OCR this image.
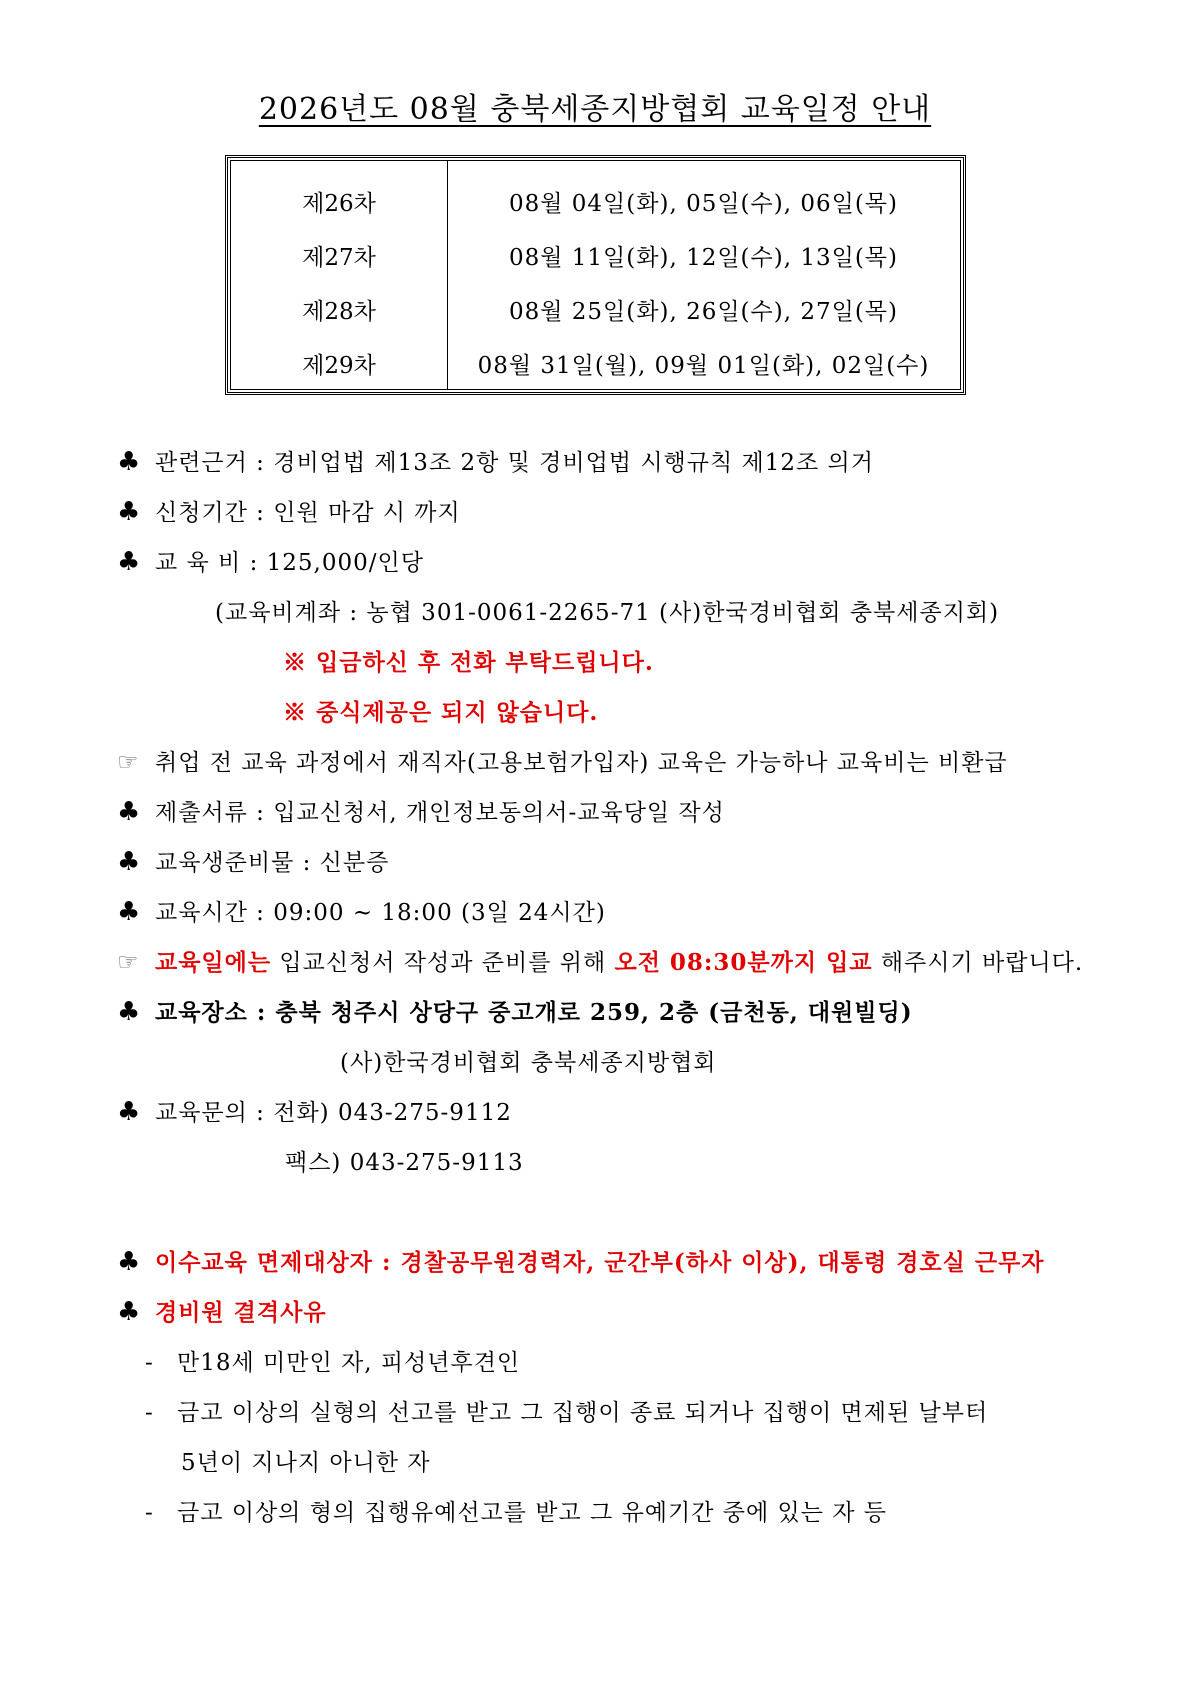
2026년도 08월 충북세종지방협회 교육일정 안내
제26차	08월 04일(화), 05일(수), 06일(목)
제27차	08월 11일(화), 12일(수), 13일(목)
제28차	08월 25일(화), 26일(수), 27일(목)
제29차	08월 31일(월), 09월 01일(화), 02일(수)
♣ 관련근거 : 경비업법 제13조 2항 및 경비업법 시행규칙 제12조 의거
♣ 신청기간 : 인원 마감 시 까지
♣ 교 육 비 : 125,000/인당
(교육비계좌 : 농협 301-0061-2265-71 (사)한국경비협회 충북세종지회)
※ 입금하신 후 전화 부탁드립니다.
※ 중식제공은 되지 않습니다.
☞ 취업 전 교육 과정에서 재직자(고용보험가입자) 교육은 가능하나 교육비는 비환급
♣ 제출서류 : 입교신청서, 개인정보동의서-교육당일 작성
♣ 교육생준비물 : 신분증
♣ 교육시간 : 09:00 ~ 18:00 (3일 24시간)
☞ 교육일에는 입교신청서 작성과 준비를 위해 오전 08:30분까지 입교 해주시기 바랍니다.
♣ 교육장소 : 충북 청주시 상당구 중고개로 259, 2층 (금천동, 대원빌딩)
(사)한국경비협회 충북세종지방협회
♣ 교육문의 : 전화) 043-275-9112
팩스) 043-275-9113
♣ 이수교육 면제대상자 : 경찰공무원경력자, 군간부(하사 이상), 대통령 경호실 근무자
♣ 경비원 결격사유
- 만18세 미만인 자, 피성년후견인
- 금고 이상의 실형의 선고를 받고 그 집행이 종료 되거나 집행이 면제된 날부터
5년이 지나지 아니한 자
- 금고 이상의 형의 집행유예선고를 받고 그 유예기간 중에 있는 자 등
